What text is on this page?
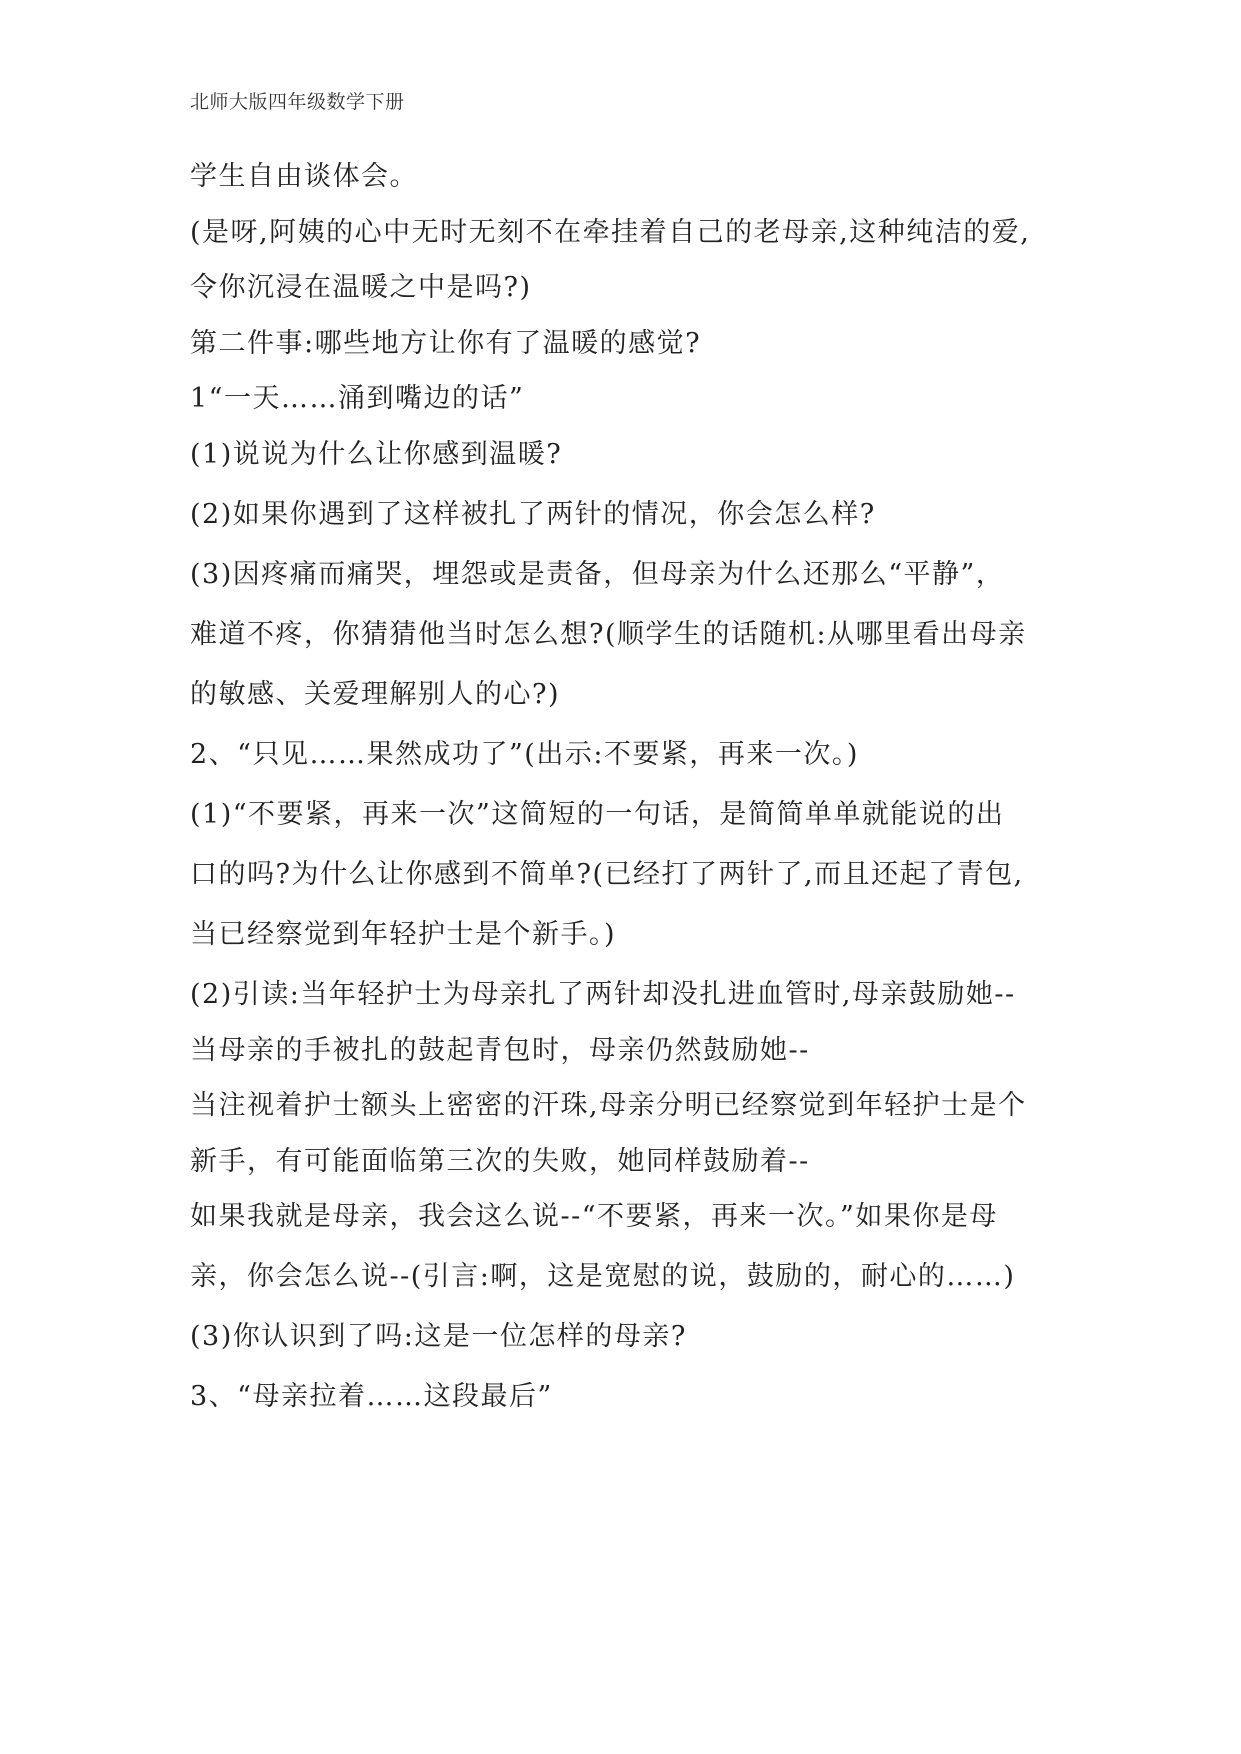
北师大版四年级数学下册
学生自由谈体会。
(是呀,阿姨的心中无时无刻不在牵挂着自己的老母亲,这种纯洁的爱,
令你沉浸在温暖之中是吗?)
第二件事:哪些地方让你有了温暖的感觉?
1“一天……涌到嘴边的话”
(1)说说为什么让你感到温暖?
(2)如果你遇到了这样被扎了两针的情况，你会怎么样?
(3)因疼痛而痛哭，埋怨或是责备，但母亲为什么还那么“平静”，
难道不疼，你猜猜他当时怎么想?(顺学生的话随机:从哪里看出母亲
的敏感、关爱理解别人的心?)
2、“只见……果然成功了”(出示:不要紧，再来一次。)
(1)“不要紧，再来一次”这简短的一句话，是简简单单就能说的出
口的吗?为什么让你感到不简单?(已经打了两针了,而且还起了青包,
当已经察觉到年轻护士是个新手。)
(2)引读:当年轻护士为母亲扎了两针却没扎进血管时,母亲鼓励她--
当母亲的手被扎的鼓起青包时，母亲仍然鼓励她--
当注视着护士额头上密密的汗珠,母亲分明已经察觉到年轻护士是个
新手，有可能面临第三次的失败，她同样鼓励着--
如果我就是母亲，我会这么说--“不要紧，再来一次。”如果你是母
亲，你会怎么说--(引言:啊，这是宽慰的说，鼓励的，耐心的……)
(3)你认识到了吗:这是一位怎样的母亲?
3、“母亲拉着……这段最后”
